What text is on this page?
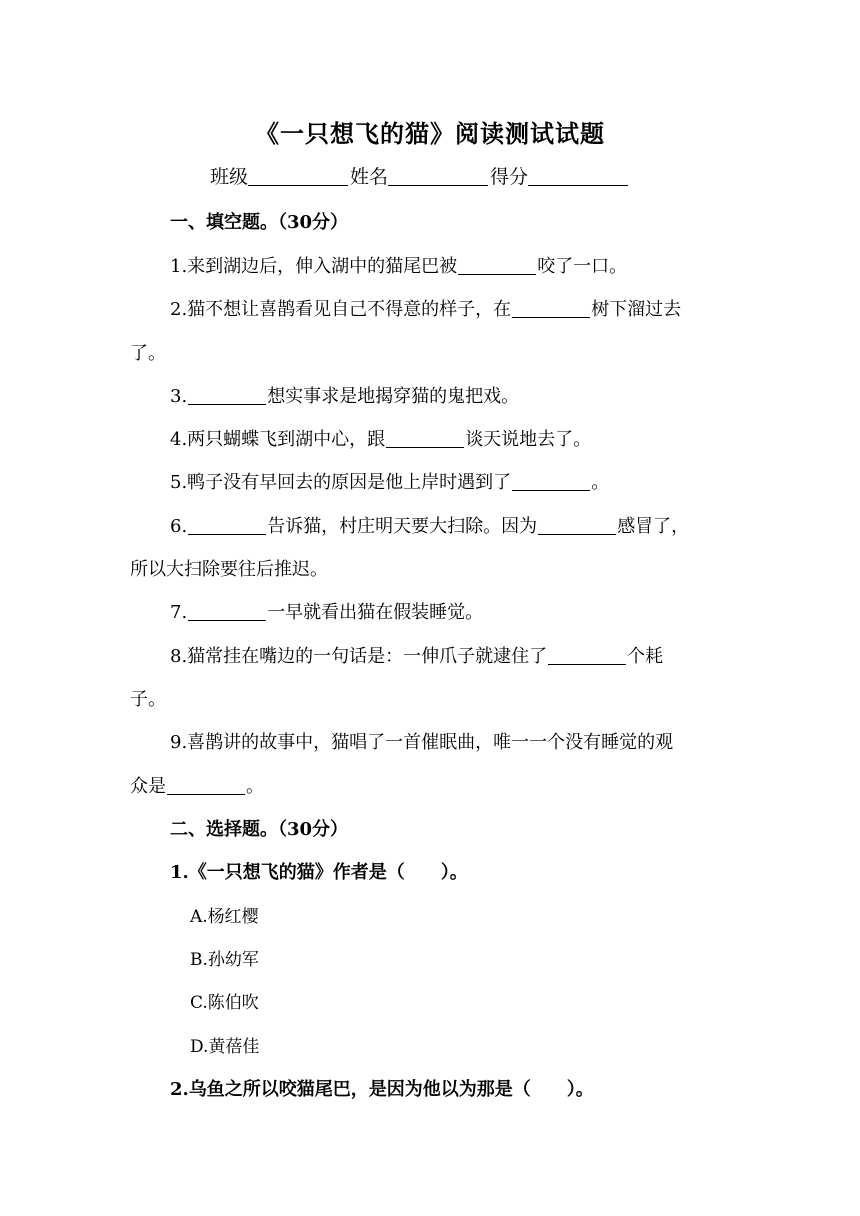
《一只想飞的猫》阅读测试试题
班级	姓名	得分
一、填空题。（30分）
1.来到湖边后，伸入湖中的猫尾巴被	咬了一口。
2.猫不想让喜鹊看见自己不得意的样子，在	树下溜过去
了。
3.	想实事求是地揭穿猫的鬼把戏。
4.两只蝴蝶飞到湖中心，跟	谈天说地去了。
5.鸭子没有早回去的原因是他上岸时遇到了	。
6.	告诉猫，村庄明天要大扫除。因为	感冒了，
所以大扫除要往后推迟。
7.	一早就看出猫在假装睡觉。
8.猫常挂在嘴边的一句话是：一伸爪子就逮住了	个耗
子。
9.喜鹊讲的故事中，猫唱了一首催眠曲，唯一一个没有睡觉的观
众是	。
二、选择题。（30分）
1.《一只想飞的猫》作者是（　　）。
A.杨红樱
B.孙幼军
C.陈伯吹
D.黄蓓佳
2.乌鱼之所以咬猫尾巴，是因为他以为那是（　　）。
